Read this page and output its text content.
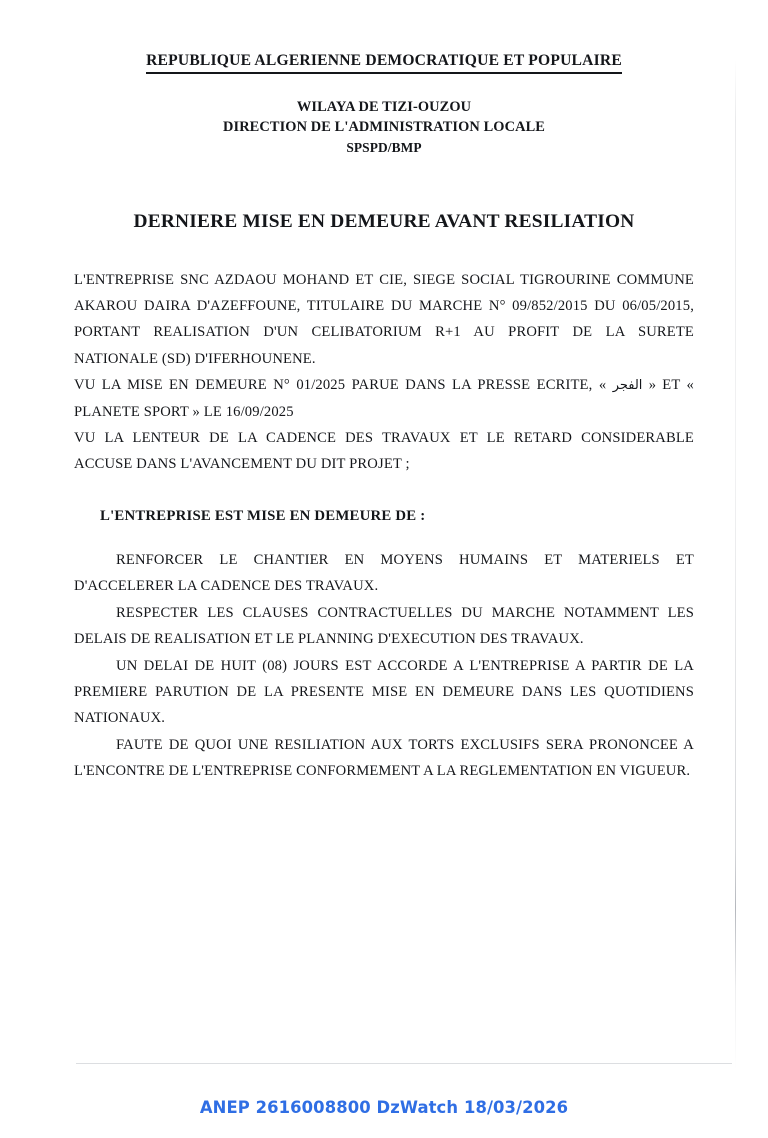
REPUBLIQUE ALGERIENNE DEMOCRATIQUE ET POPULAIRE
WILAYA DE TIZI-OUZOU
DIRECTION DE L'ADMINISTRATION LOCALE
SPSPD/BMP
DERNIERE MISE EN DEMEURE AVANT RESILIATION

L'ENTREPRISE SNC AZDAOU MOHAND ET CIE, SIEGE SOCIAL TIGROURINE COMMUNE AKAROU DAIRA D'AZEFFOUNE, TITULAIRE DU MARCHE N° 09/852/2015 DU 06/05/2015, PORTANT REALISATION D'UN CELIBATORIUM R+1 AU PROFIT DE LA SURETE NATIONALE (SD) D'IFERHOUNENE.

VU LA MISE EN DEMEURE N° 01/2025 PARUE DANS LA PRESSE ECRITE, « الفجر » ET « PLANETE SPORT » LE 16/09/2025

VU LA LENTEUR DE LA CADENCE DES TRAVAUX ET LE RETARD CONSIDERABLE ACCUSE DANS L'AVANCEMENT DU DIT PROJET ;

L'ENTREPRISE EST MISE EN DEMEURE DE :

RENFORCER LE CHANTIER EN MOYENS HUMAINS ET MATERIELS ET D'ACCELERER LA CADENCE DES TRAVAUX.

RESPECTER LES CLAUSES CONTRACTUELLES DU MARCHE NOTAMMENT LES DELAIS DE REALISATION ET LE PLANNING D'EXECUTION DES TRAVAUX.

UN DELAI DE HUIT (08) JOURS EST ACCORDE A L'ENTREPRISE A PARTIR DE LA PREMIERE PARUTION DE LA PRESENTE MISE EN DEMEURE DANS LES QUOTIDIENS NATIONAUX.

FAUTE DE QUOI UNE RESILIATION AUX TORTS EXCLUSIFS SERA PRONONCEE A L'ENCONTRE DE L'ENTREPRISE CONFORMEMENT A LA REGLEMENTATION EN VIGUEUR.

ANEP 2616008800 DzWatch 18/03/2026
